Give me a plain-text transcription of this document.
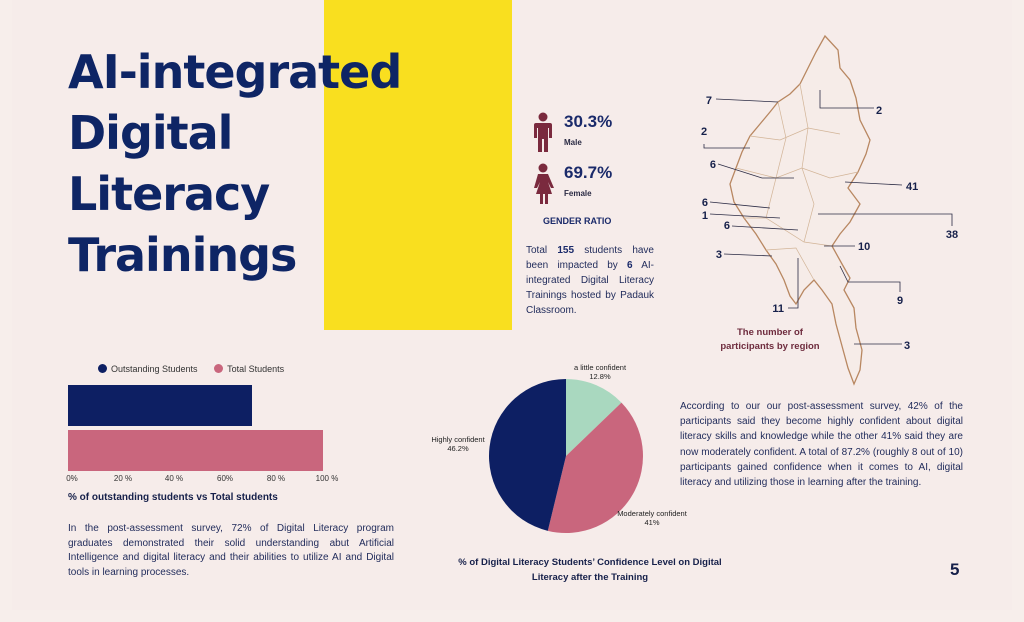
AI-integrated
Digital
Literacy
Trainings
30.3%
Male
69.7%
Female
GENDER RATIO
Total 155 students have been impacted by 6 AI-integrated Digital Literacy Trainings hosted by Padauk Classroom.
7
2
2
6
41
6
1
38
6
10
3
9
11
3
The number of
participants by region
Outstanding Students	Total Students
0%	20 %	40 %	60%	80 %	100 %
% of outstanding students vs Total students
In the post-assessment survey, 72% of Digital Literacy program graduates demonstrated their solid understanding abut Artificial Intelligence and digital literacy and their abilities to utilize AI and Digital tools in learning processes.
a little confident
12.8%
Moderately confident
41%
Highly confident
46.2%
% of Digital Literacy Students’ Confidence Level on Digital
Literacy after the Training
According to our our post-assessment survey, 42% of the participants said they become highly confident about digital literacy skills and knowledge while the other 41% said they are now moderately confident. A total of 87.2% (roughly 8 out of 10) participants gained confidence when it comes to AI, digital literacy and utilizing those in learning after the training.
5
